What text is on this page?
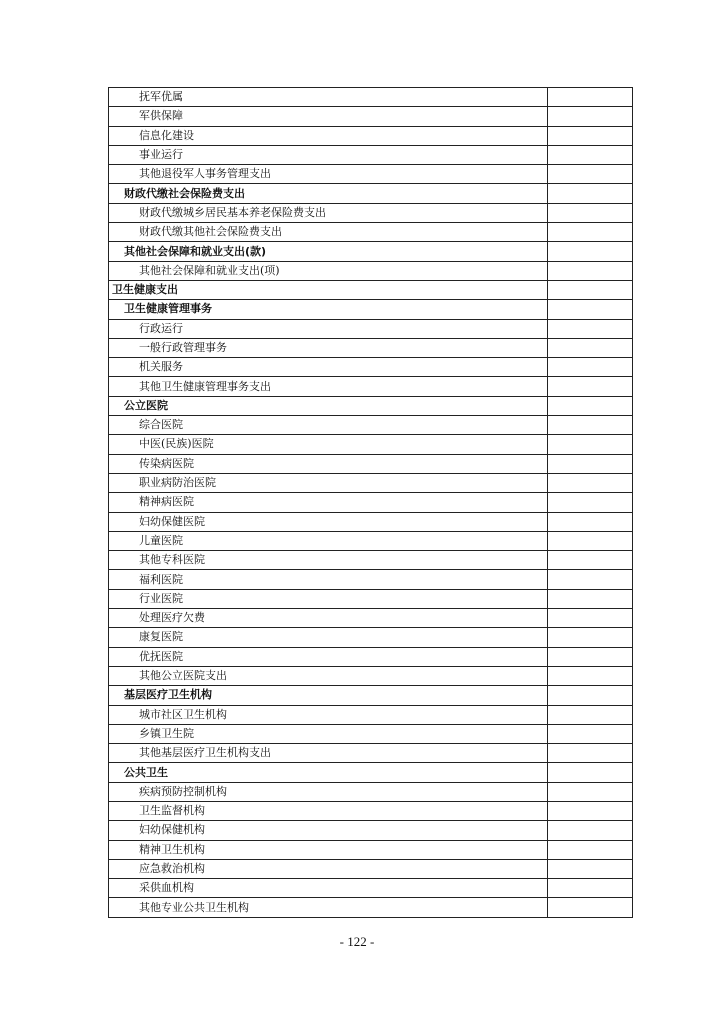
抚军优属	
军供保障	
信息化建设	
事业运行	
其他退役军人事务管理支出	
财政代缴社会保险费支出	
财政代缴城乡居民基本养老保险费支出	
财政代缴其他社会保险费支出	
其他社会保障和就业支出(款)	
其他社会保障和就业支出(项)	
卫生健康支出	
卫生健康管理事务	
行政运行	
一般行政管理事务	
机关服务	
其他卫生健康管理事务支出	
公立医院	
综合医院	
中医(民族)医院	
传染病医院	
职业病防治医院	
精神病医院	
妇幼保健医院	
儿童医院	
其他专科医院	
福利医院	
行业医院	
处理医疗欠费	
康复医院	
优抚医院	
其他公立医院支出	
基层医疗卫生机构	
城市社区卫生机构	
乡镇卫生院	
其他基层医疗卫生机构支出	
公共卫生	
疾病预防控制机构	
卫生监督机构	
妇幼保健机构	
精神卫生机构	
应急救治机构	
采供血机构	
其他专业公共卫生机构	
- 122 -
